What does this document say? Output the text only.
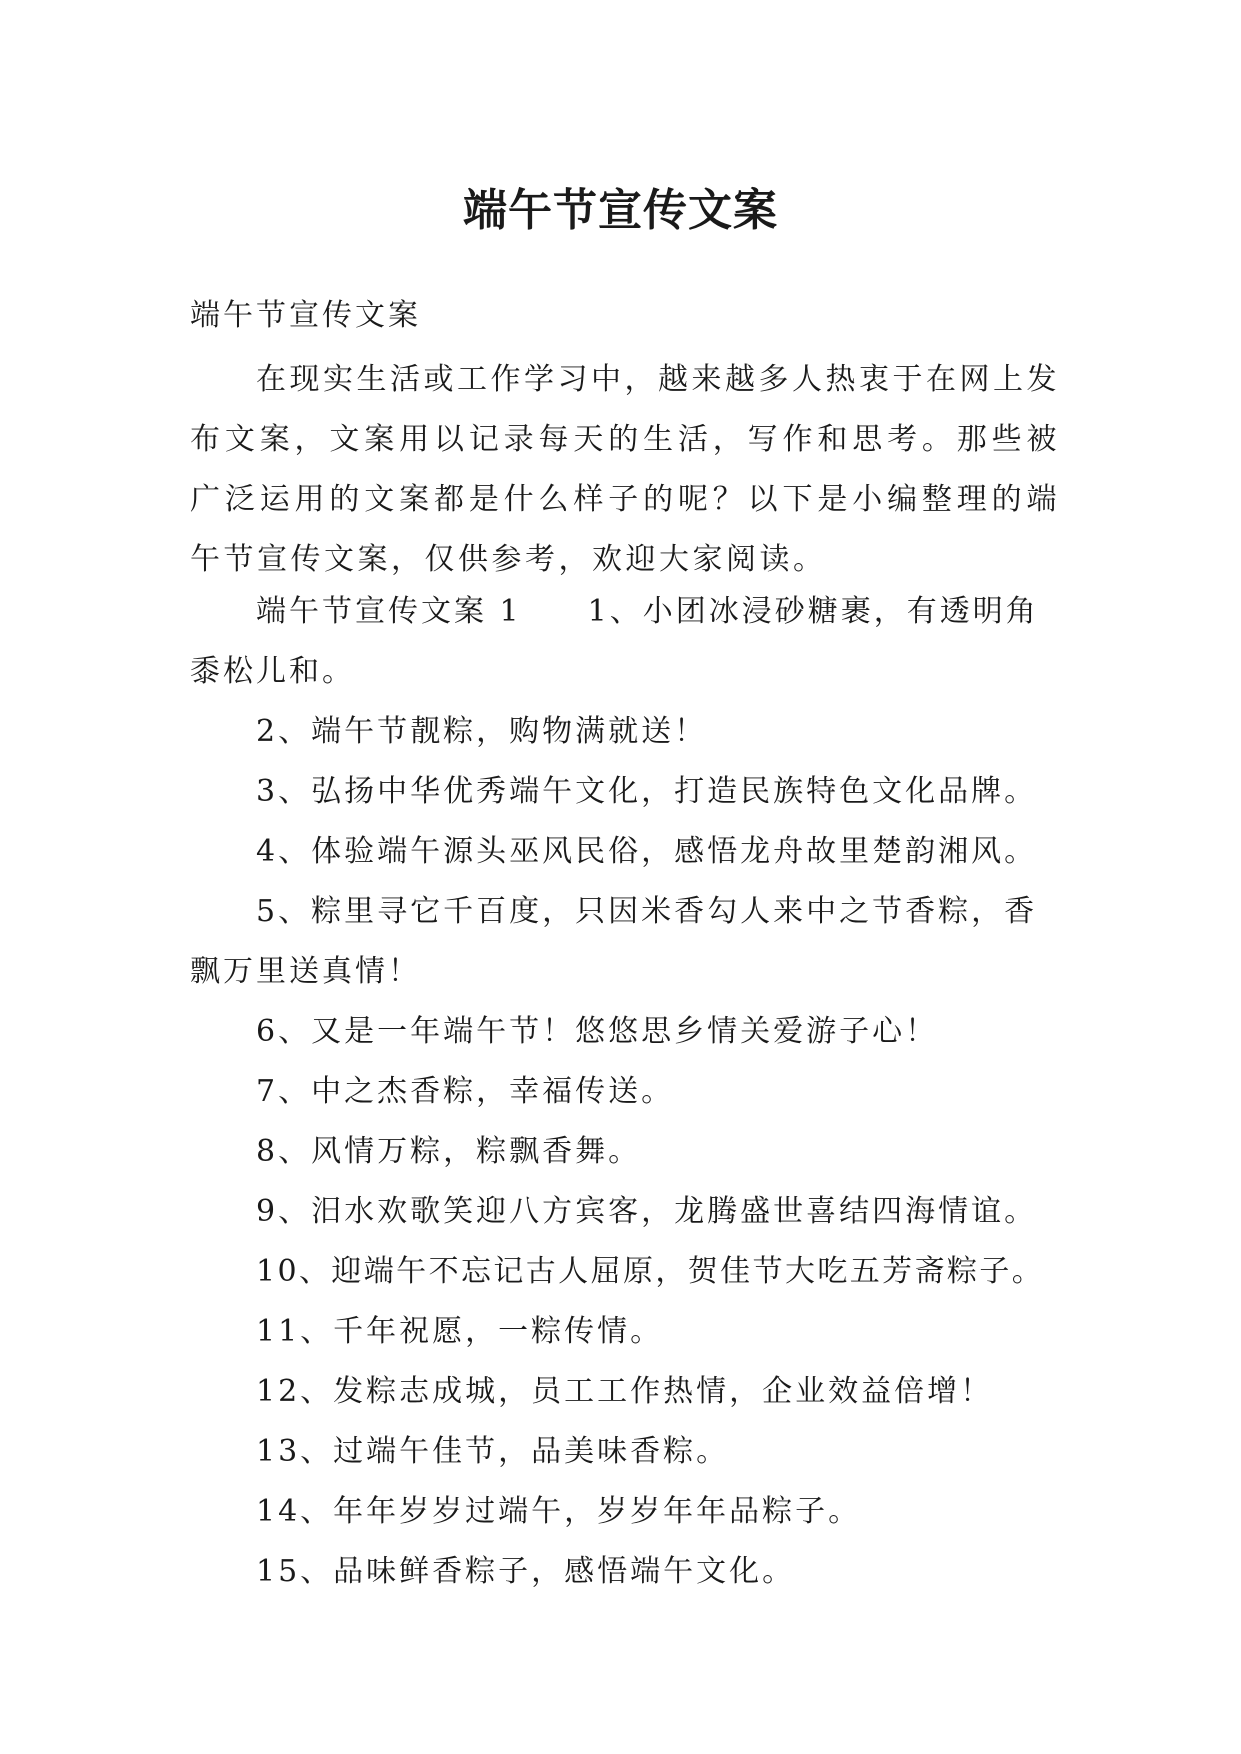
端午节宣传文案
端午节宣传文案

在现实生活或工作学习中，越来越多人热衷于在网上发布文案，文案用以记录每天的生活，写作和思考。那些被广泛运用的文案都是什么样子的呢？以下是小编整理的端午节宣传文案，仅供参考，欢迎大家阅读。

端午节宣传文案 1　　1、小团冰浸砂糖裹，有透明角黍松儿和。
2、端午节靓粽，购物满就送！
3、弘扬中华优秀端午文化，打造民族特色文化品牌。
4、体验端午源头巫风民俗，感悟龙舟故里楚韵湘风。
5、粽里寻它千百度，只因米香勾人来中之节香粽，香飘万里送真情！
6、又是一年端午节！悠悠思乡情关爱游子心！
7、中之杰香粽，幸福传送。
8、风情万粽，粽飘香舞。
9、汨水欢歌笑迎八方宾客，龙腾盛世喜结四海情谊。
10、迎端午不忘记古人屈原，贺佳节大吃五芳斋粽子。
11、千年祝愿，一粽传情。
12、发粽志成城，员工工作热情，企业效益倍增！
13、过端午佳节，品美味香粽。
14、年年岁岁过端午，岁岁年年品粽子。
15、品味鲜香粽子，感悟端午文化。
